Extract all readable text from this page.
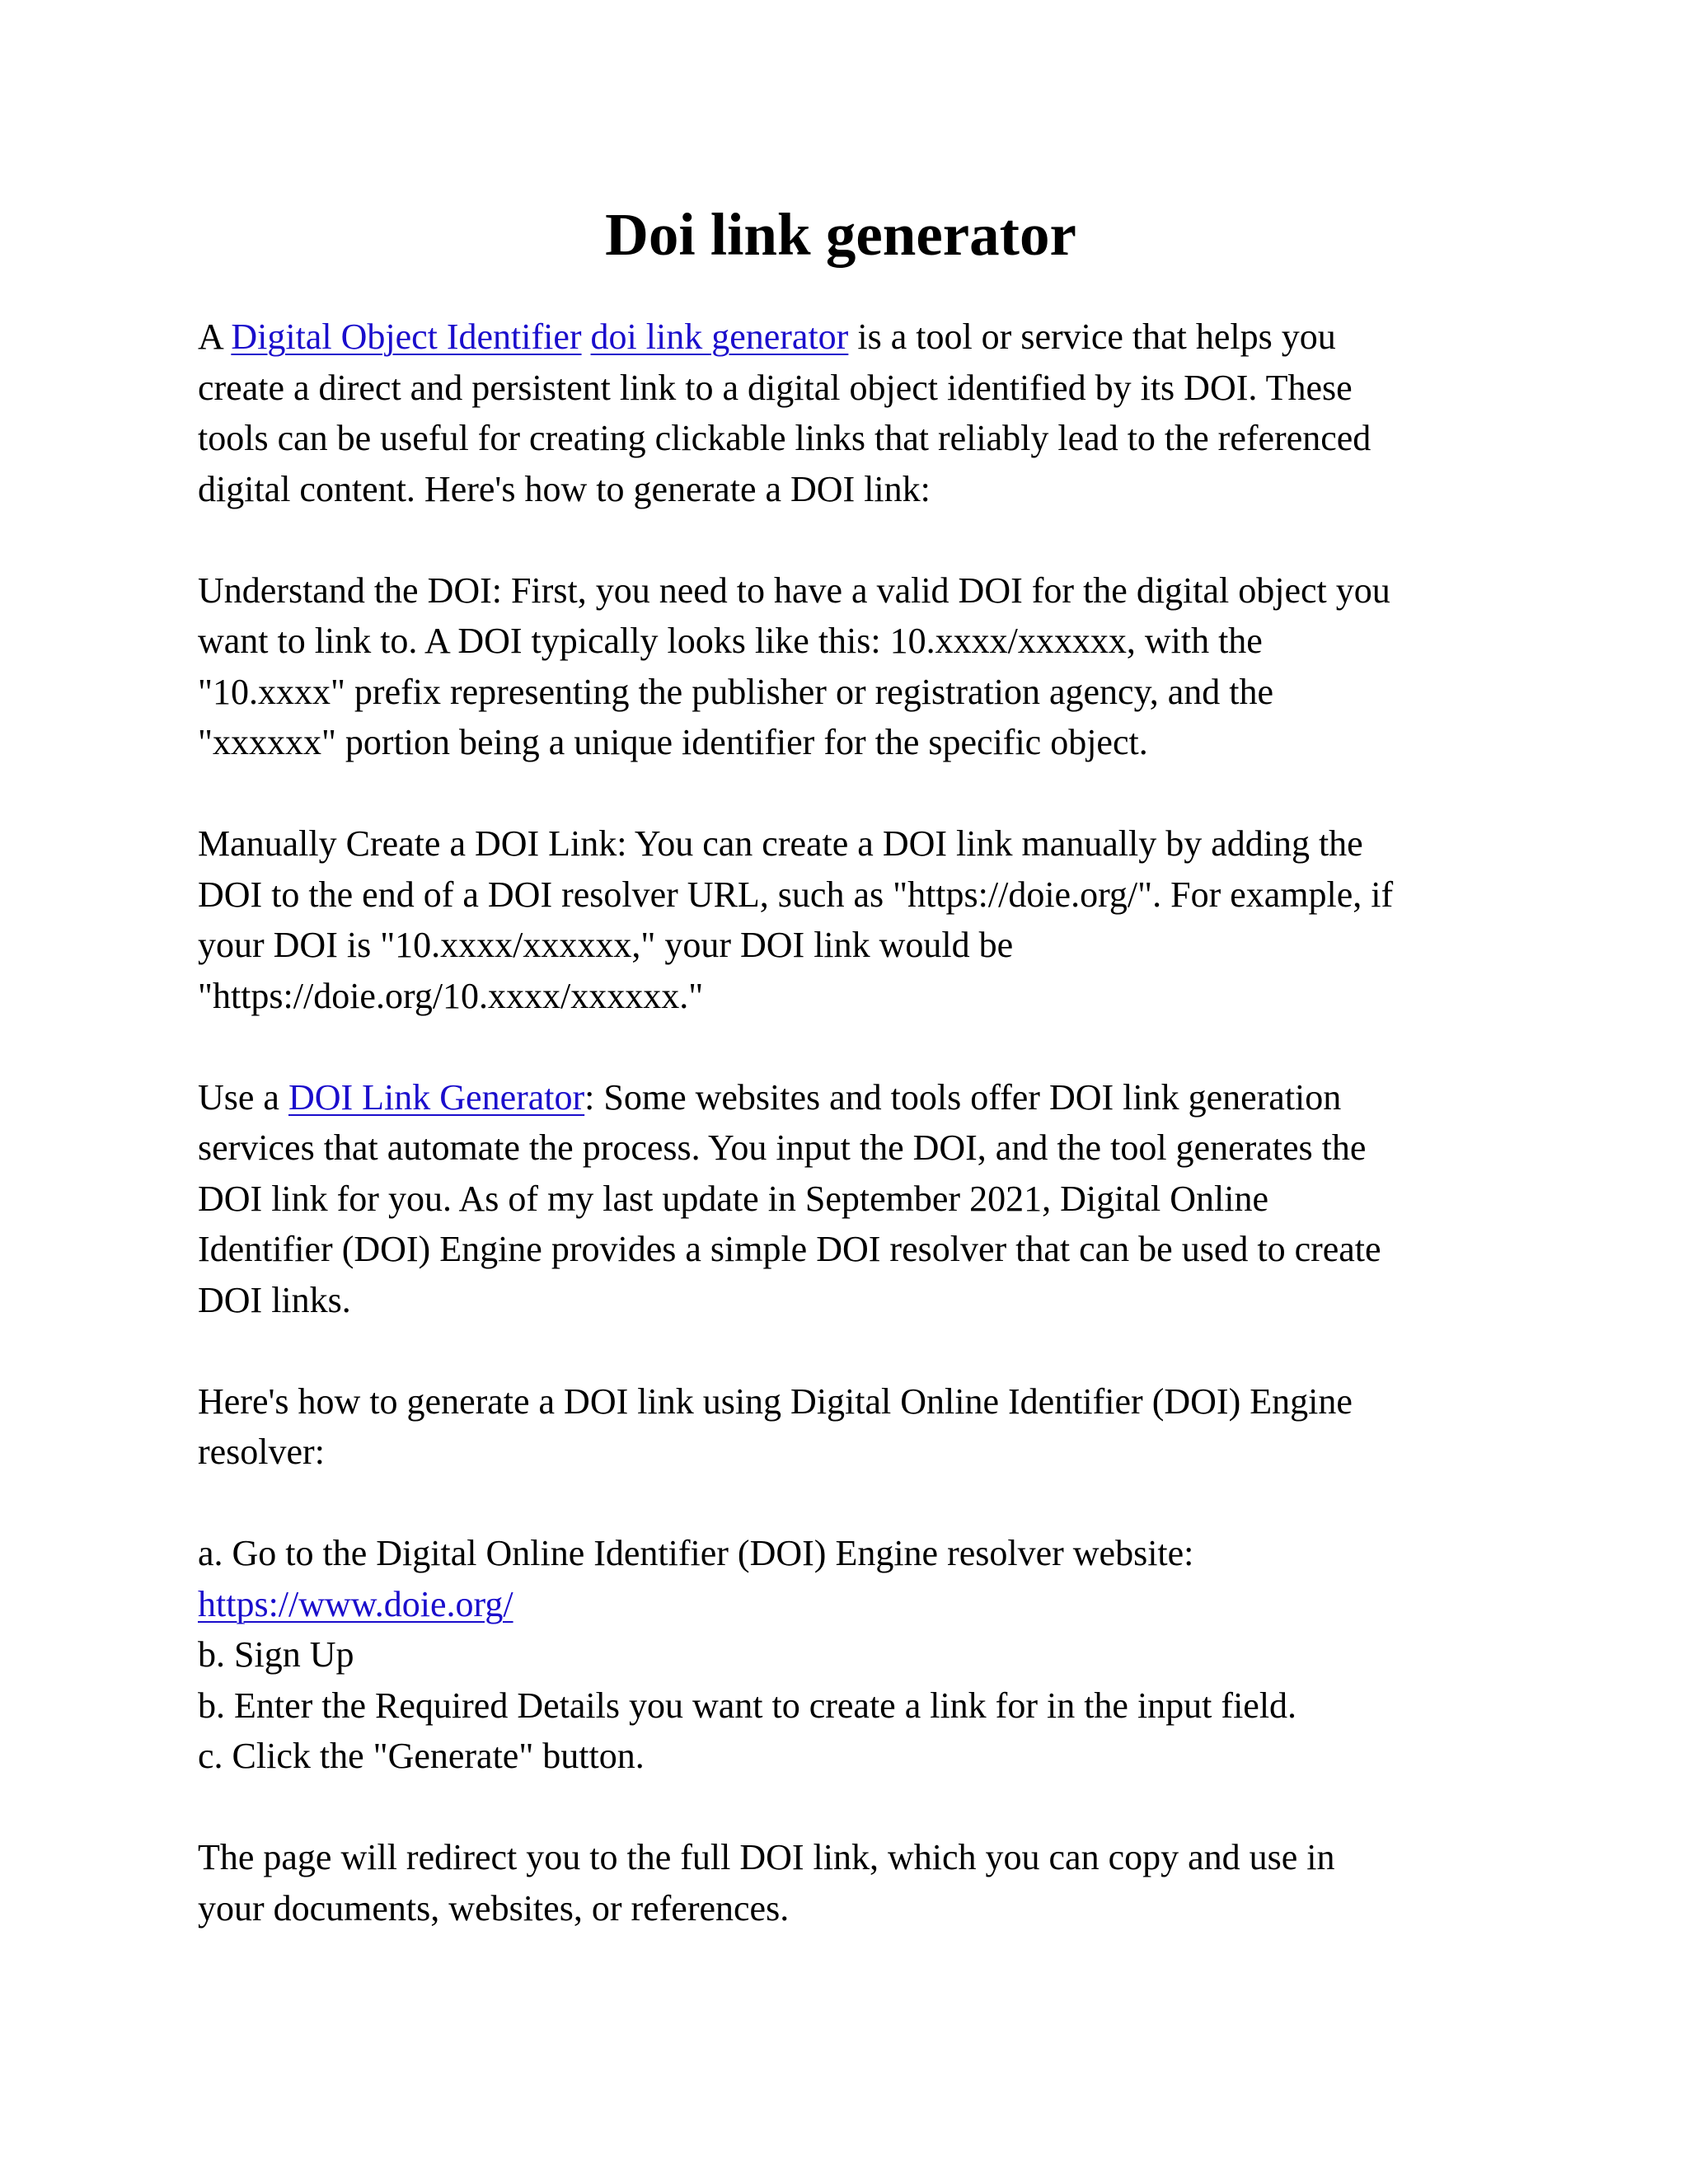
Doi link generator
A Digital Object Identifier doi link generator is a tool or service that helps you
create a direct and persistent link to a digital object identified by its DOI. These
tools can be useful for creating clickable links that reliably lead to the referenced
digital content. Here's how to generate a DOI link:
Understand the DOI: First, you need to have a valid DOI for the digital object you
want to link to. A DOI typically looks like this: 10.xxxx/xxxxxx, with the
"10.xxxx" prefix representing the publisher or registration agency, and the
"xxxxxx" portion being a unique identifier for the specific object.
Manually Create a DOI Link: You can create a DOI link manually by adding the
DOI to the end of a DOI resolver URL, such as "https://doie.org/". For example, if
your DOI is "10.xxxx/xxxxxx," your DOI link would be
"https://doie.org/10.xxxx/xxxxxx."
Use a DOI Link Generator: Some websites and tools offer DOI link generation
services that automate the process. You input the DOI, and the tool generates the
DOI link for you. As of my last update in September 2021, Digital Online
Identifier (DOI) Engine provides a simple DOI resolver that can be used to create
DOI links.
Here's how to generate a DOI link using Digital Online Identifier (DOI) Engine
resolver:
a. Go to the Digital Online Identifier (DOI) Engine resolver website:
https://www.doie.org/
b. Sign Up
b. Enter the Required Details you want to create a link for in the input field.
c. Click the "Generate" button.
The page will redirect you to the full DOI link, which you can copy and use in
your documents, websites, or references.
